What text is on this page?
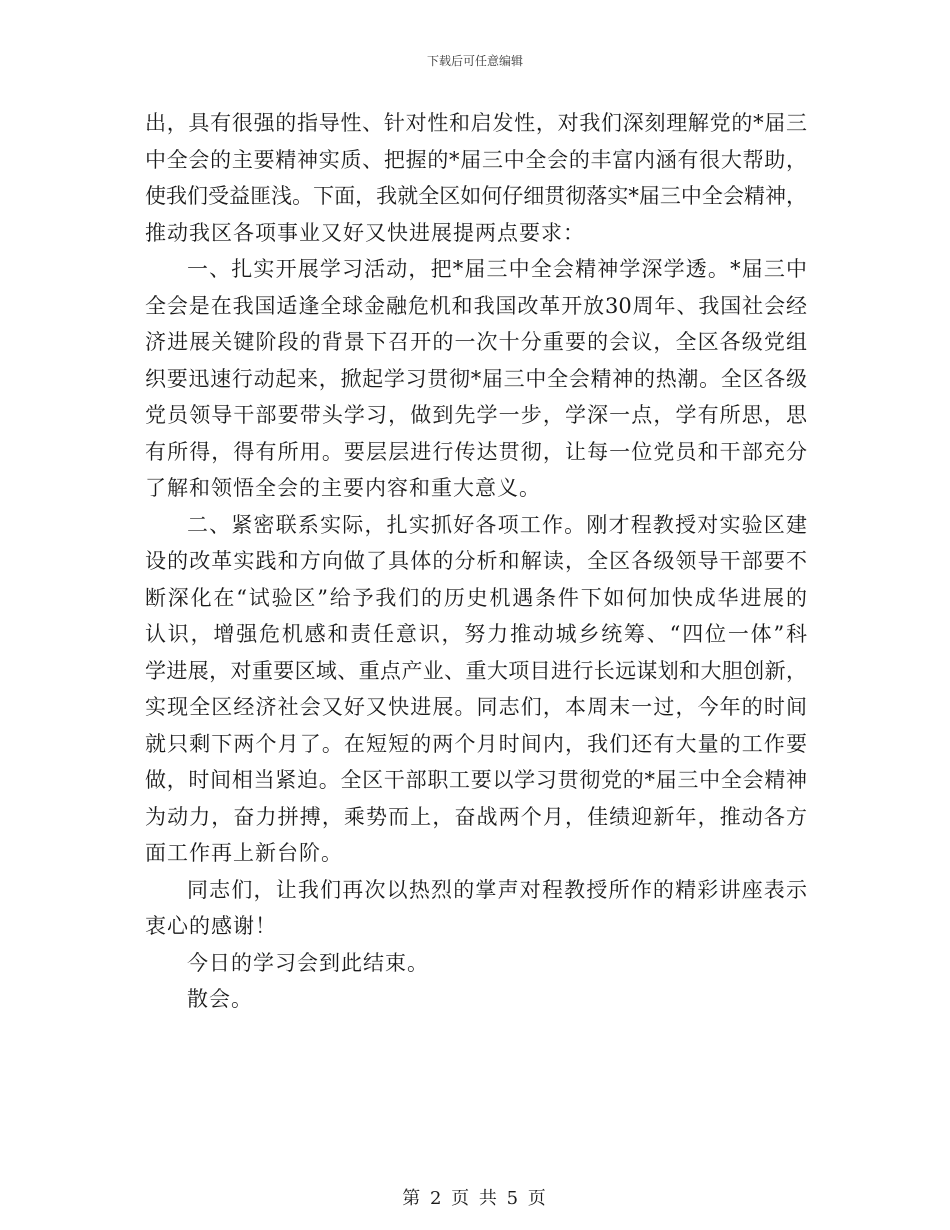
下载后可任意编辑
出，具有很强的指导性、针对性和启发性，对我们深刻理解党的*届三
中全会的主要精神实质、把握的*届三中全会的丰富内涵有很大帮助，
使我们受益匪浅。下面，我就全区如何仔细贯彻落实*届三中全会精神，
推动我区各项事业又好又快进展提两点要求：
一、扎实开展学习活动，把*届三中全会精神学深学透。*届三中
全会是在我国适逢全球金融危机和我国改革开放30周年、我国社会经
济进展关键阶段的背景下召开的一次十分重要的会议，全区各级党组
织要迅速行动起来，掀起学习贯彻*届三中全会精神的热潮。全区各级
党员领导干部要带头学习，做到先学一步，学深一点，学有所思，思
有所得，得有所用。要层层进行传达贯彻，让每一位党员和干部充分
了解和领悟全会的主要内容和重大意义。
二、紧密联系实际，扎实抓好各项工作。刚才程教授对实验区建
设的改革实践和方向做了具体的分析和解读，全区各级领导干部要不
断深化在“试验区”给予我们的历史机遇条件下如何加快成华进展的
认识，增强危机感和责任意识，努力推动城乡统筹、“四位一体”科
学进展，对重要区域、重点产业、重大项目进行长远谋划和大胆创新，
实现全区经济社会又好又快进展。同志们，本周末一过，今年的时间
就只剩下两个月了。在短短的两个月时间内，我们还有大量的工作要
做，时间相当紧迫。全区干部职工要以学习贯彻党的*届三中全会精神
为动力，奋力拼搏，乘势而上，奋战两个月，佳绩迎新年，推动各方
面工作再上新台阶。
同志们，让我们再次以热烈的掌声对程教授所作的精彩讲座表示
衷心的感谢！
今日的学习会到此结束。
散会。
第 2 页 共 5 页
